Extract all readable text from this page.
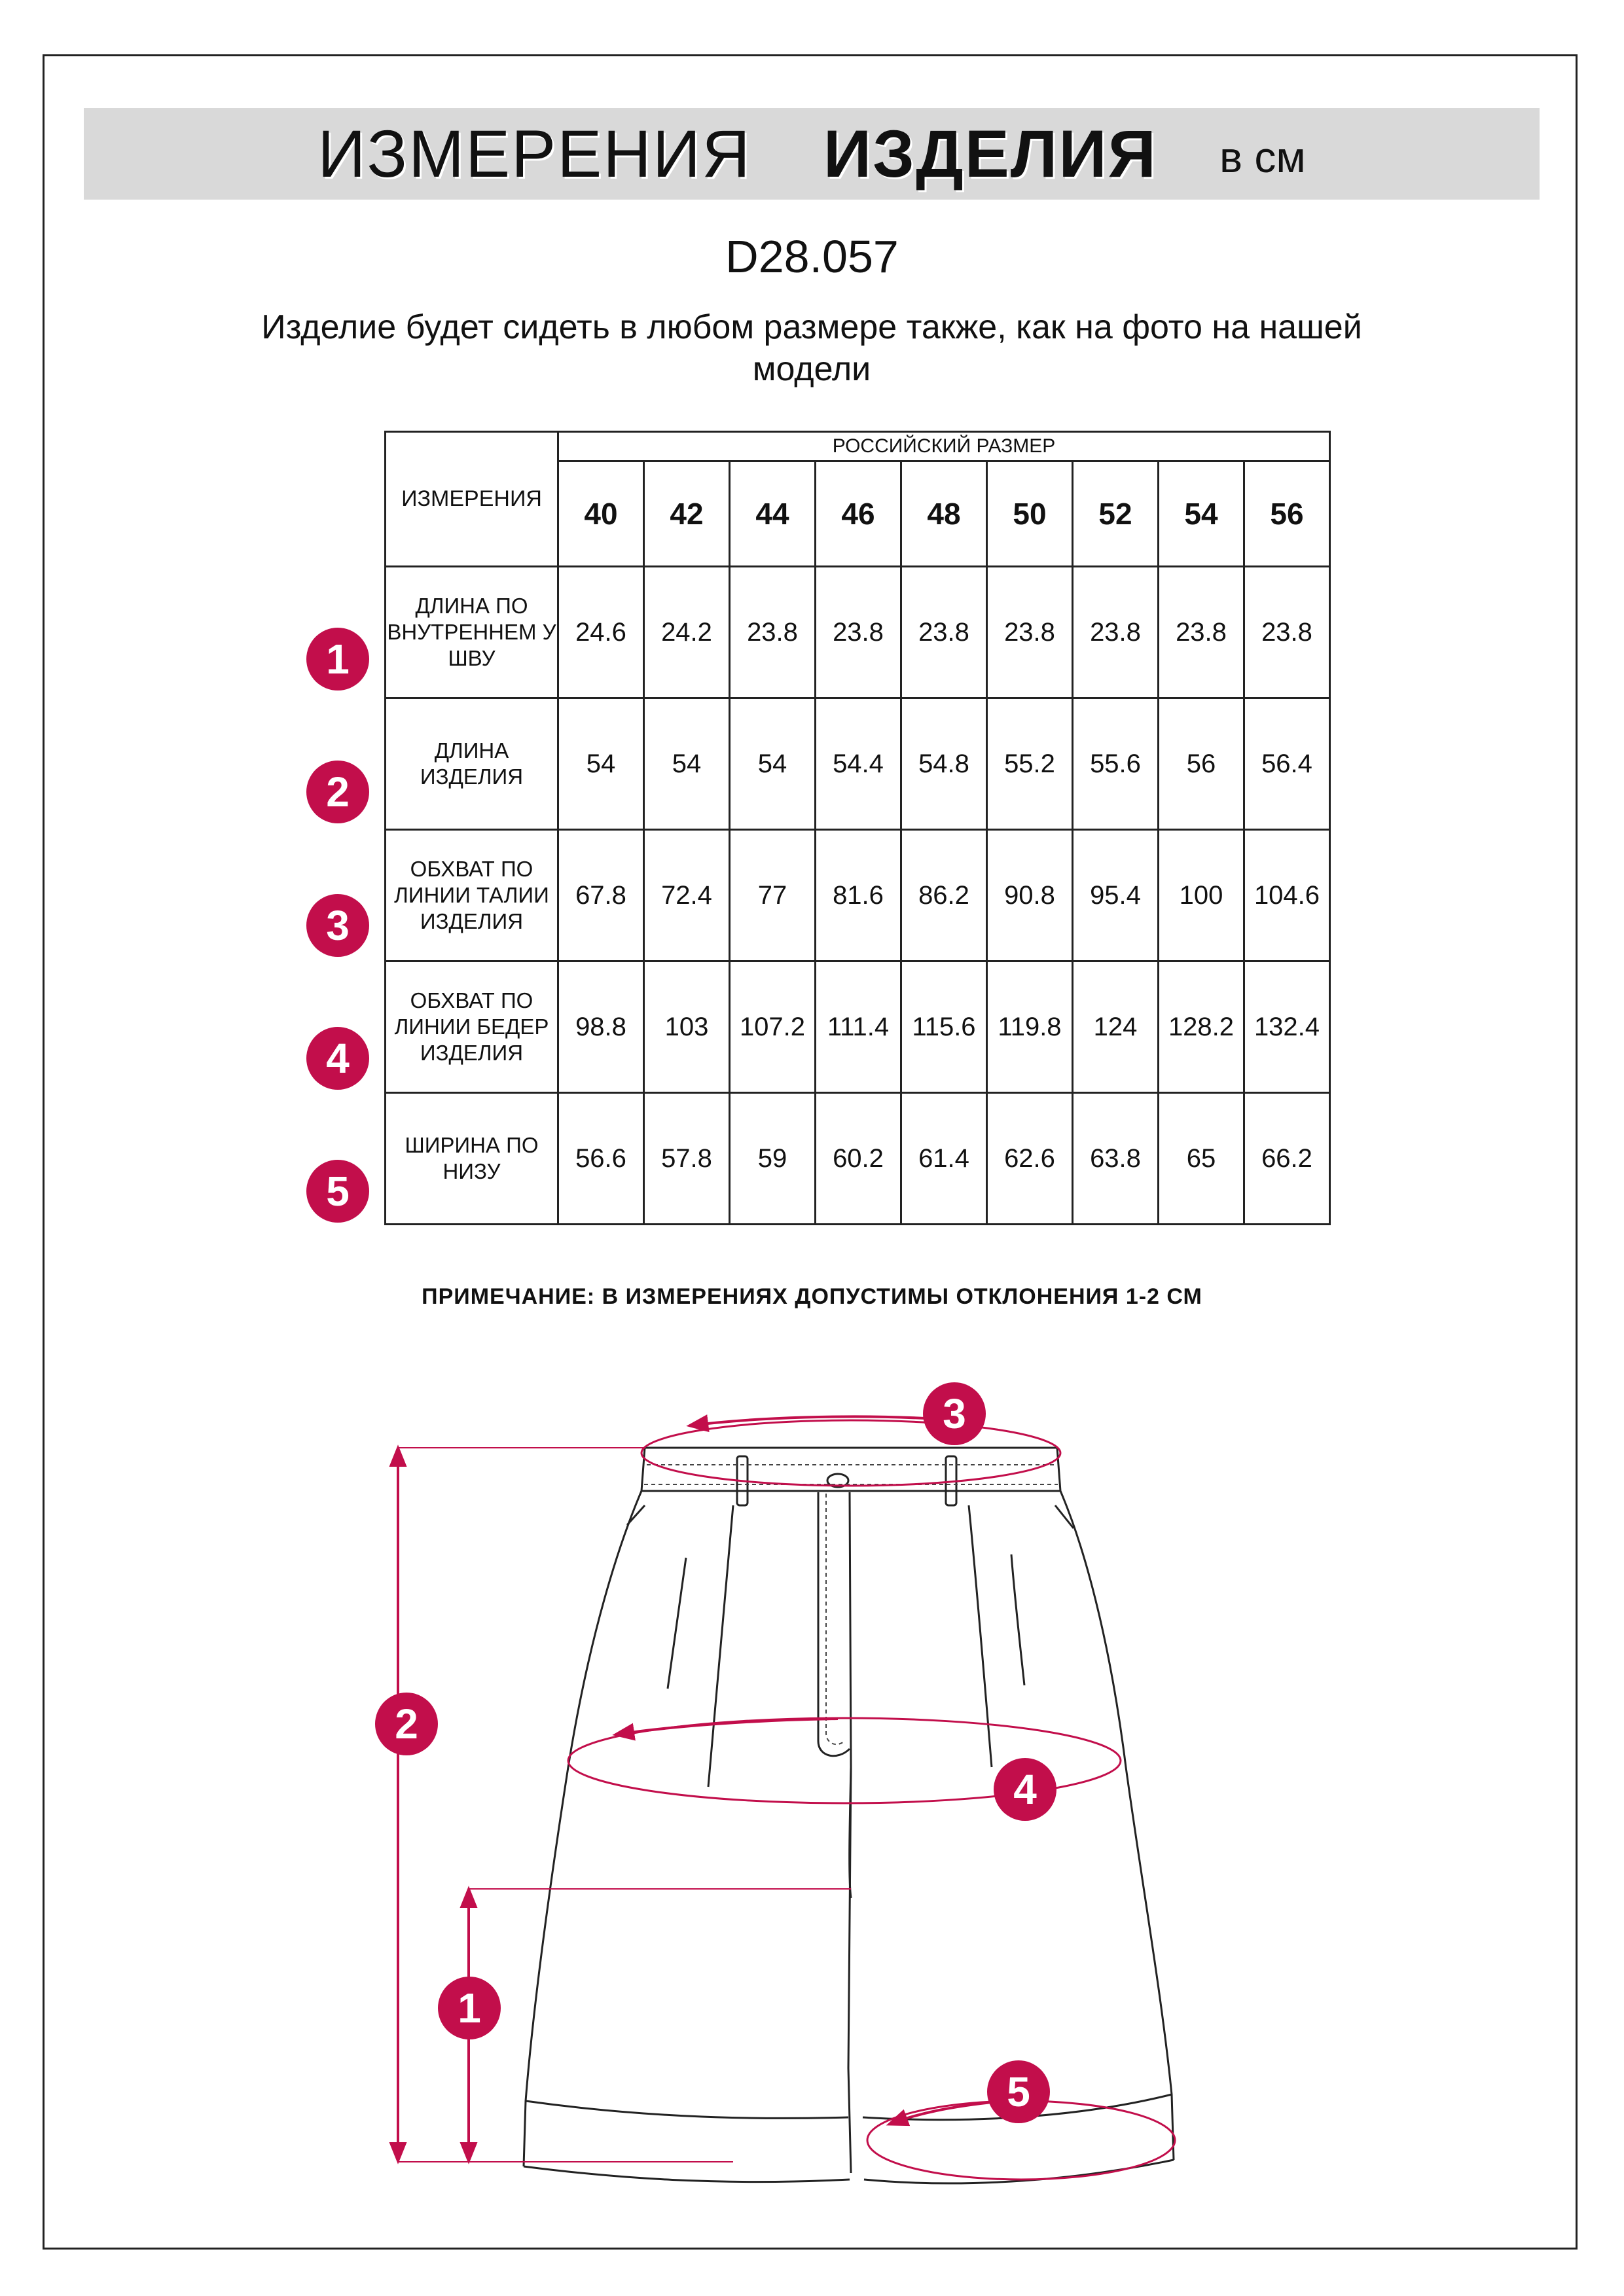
ИЗМЕРЕНИЯ ИЗДЕЛИЯ в см
D28.057
Изделие будет сидеть в любом размере также, как на фото на нашей модели
ИЗМЕРЕНИЯ	РОССИЙСКИЙ РАЗМЕР								
	40	42	44	46	48	50	52	54	56
ДЛИНА ПО ВНУТРЕННЕМ У ШВУ	24.6	24.2	23.8	23.8	23.8	23.8	23.8	23.8	23.8
ДЛИНА ИЗДЕЛИЯ	54	54	54	54.4	54.8	55.2	55.6	56	56.4
ОБХВАТ ПО ЛИНИИ ТАЛИИ ИЗДЕЛИЯ	67.8	72.4	77	81.6	86.2	90.8	95.4	100	104.6
ОБХВАТ ПО ЛИНИИ БЕДЕР ИЗДЕЛИЯ	98.8	103	107.2	111.4	115.6	119.8	124	128.2	132.4
ШИРИНА ПО НИЗУ	56.6	57.8	59	60.2	61.4	62.6	63.8	65	66.2
1
2
3
4
5
ПРИМЕЧАНИЕ: В ИЗМЕРЕНИЯХ ДОПУСТИМЫ ОТКЛОНЕНИЯ 1-2 СМ
3
2
4
1
5
